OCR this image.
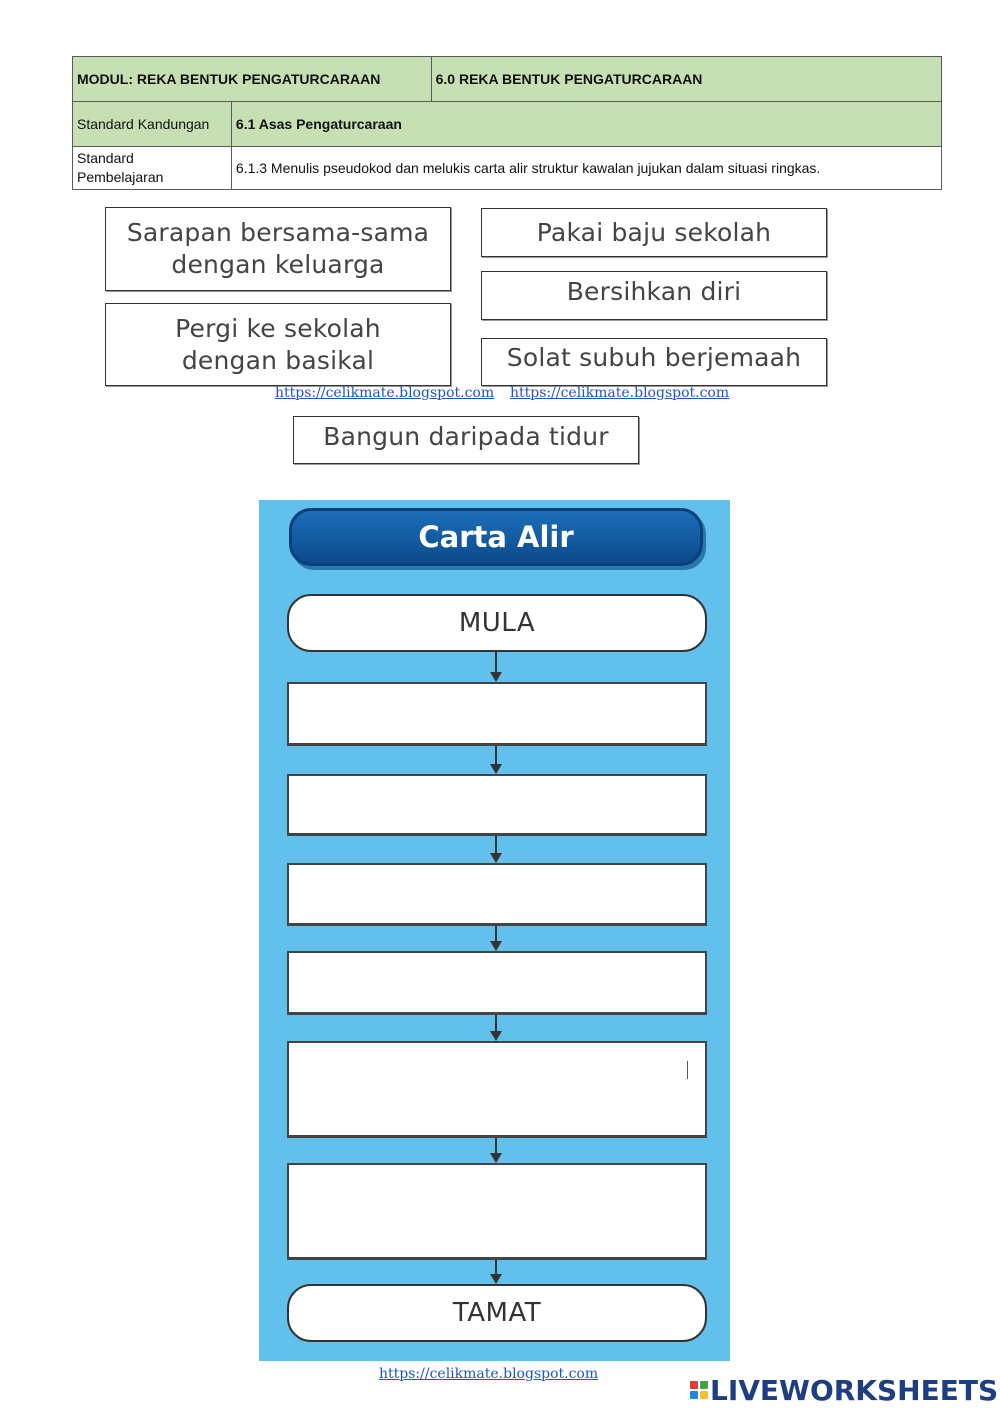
MODUL: REKA BENTUK PENGATURCARAAN		6.0 REKA BENTUK PENGATURCARAAN
Standard Kandungan	6.1 Asas Pengaturcaraan	

Standard
Pembelajaran	6.1.3 Menulis pseudokod dan melukis carta alir struktur kawalan jujukan dalam situasi ringkas.	
Sarapan bersama-sama
dengan keluarga
Pakai baju sekolah
Bersihkan diri
Pergi ke sekolah
dengan basikal	Solat subuh berjemaah
https://celikmate.blogspot.com https://celikmate.blogspot.com
Bangun daripada tidur
Carta Alir
MULA
TAMAT
https://celikmate.blogspot.com	LIVEWORKSHEETS
